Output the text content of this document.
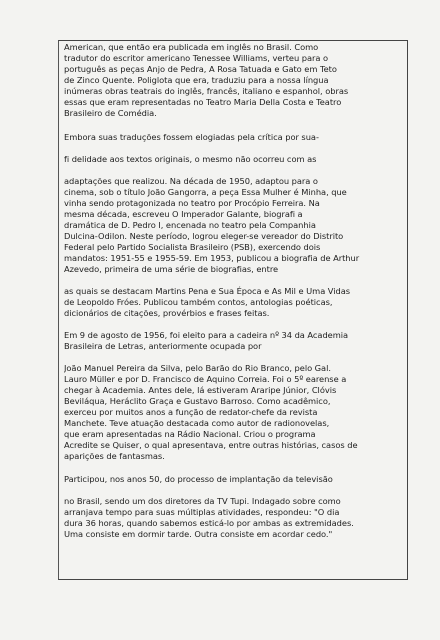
American, que então era publicada em inglês no Brasil. Como
tradutor do escritor americano Tenessee Williams, verteu para o
português as peças Anjo de Pedra, A Rosa Tatuada e Gato em Teto
de Zinco Quente. Poliglota que era, traduziu para a nossa língua
inúmeras obras teatrais do inglês, francês, italiano e espanhol, obras
essas que eram representadas no Teatro Maria Della Costa e Teatro
Brasileiro de Comédia.
Embora suas traduções fossem elogiadas pela crítica por sua-
fi delidade aos textos originais, o mesmo não ocorreu com as
adaptações que realizou. Na década de 1950, adaptou para o
cinema, sob o título João Gangorra, a peça Essa Mulher é Minha, que
vinha sendo protagonizada no teatro por Procópio Ferreira. Na
mesma década, escreveu O Imperador Galante, biografi a
dramática de D. Pedro I, encenada no teatro pela Companhia
Dulcina-Odilon. Neste período, logrou eleger-se vereador do Distrito
Federal pelo Partido Socialista Brasileiro (PSB), exercendo dois
mandatos: 1951-55 e 1955-59. Em 1953, publicou a biografia de Arthur
Azevedo, primeira de uma série de biografias, entre
as quais se destacam Martins Pena e Sua Época e As Mil e Uma Vidas
de Leopoldo Fróes. Publicou também contos, antologias poéticas,
dicionários de citações, provérbios e frases feitas.
Em 9 de agosto de 1956, foi eleito para a cadeira nº 34 da Academia
Brasileira de Letras, anteriormente ocupada por
João Manuel Pereira da Silva, pelo Barão do Rio Branco, pelo Gal.
Lauro Müller e por D. Francisco de Aquino Correia. Foi o 5º earense a
chegar à Academia. Antes dele, lá estiveram Araripe Júnior, Clóvis
Beviláqua, Heráclito Graça e Gustavo Barroso. Como acadêmico,
exerceu por muitos anos a função de redator-chefe da revista
Manchete. Teve atuação destacada como autor de radionovelas,
que eram apresentadas na Rádio Nacional. Criou o programa
Acredite se Quiser, o qual apresentava, entre outras histórias, casos de
aparições de fantasmas.
Participou, nos anos 50, do processo de implantação da televisão
no Brasil, sendo um dos diretores da TV Tupi. Indagado sobre como
arranjava tempo para suas múltiplas atividades, respondeu: "O dia
dura 36 horas, quando sabemos esticá-lo por ambas as extremidades.
Uma consiste em dormir tarde. Outra consiste em acordar cedo."
